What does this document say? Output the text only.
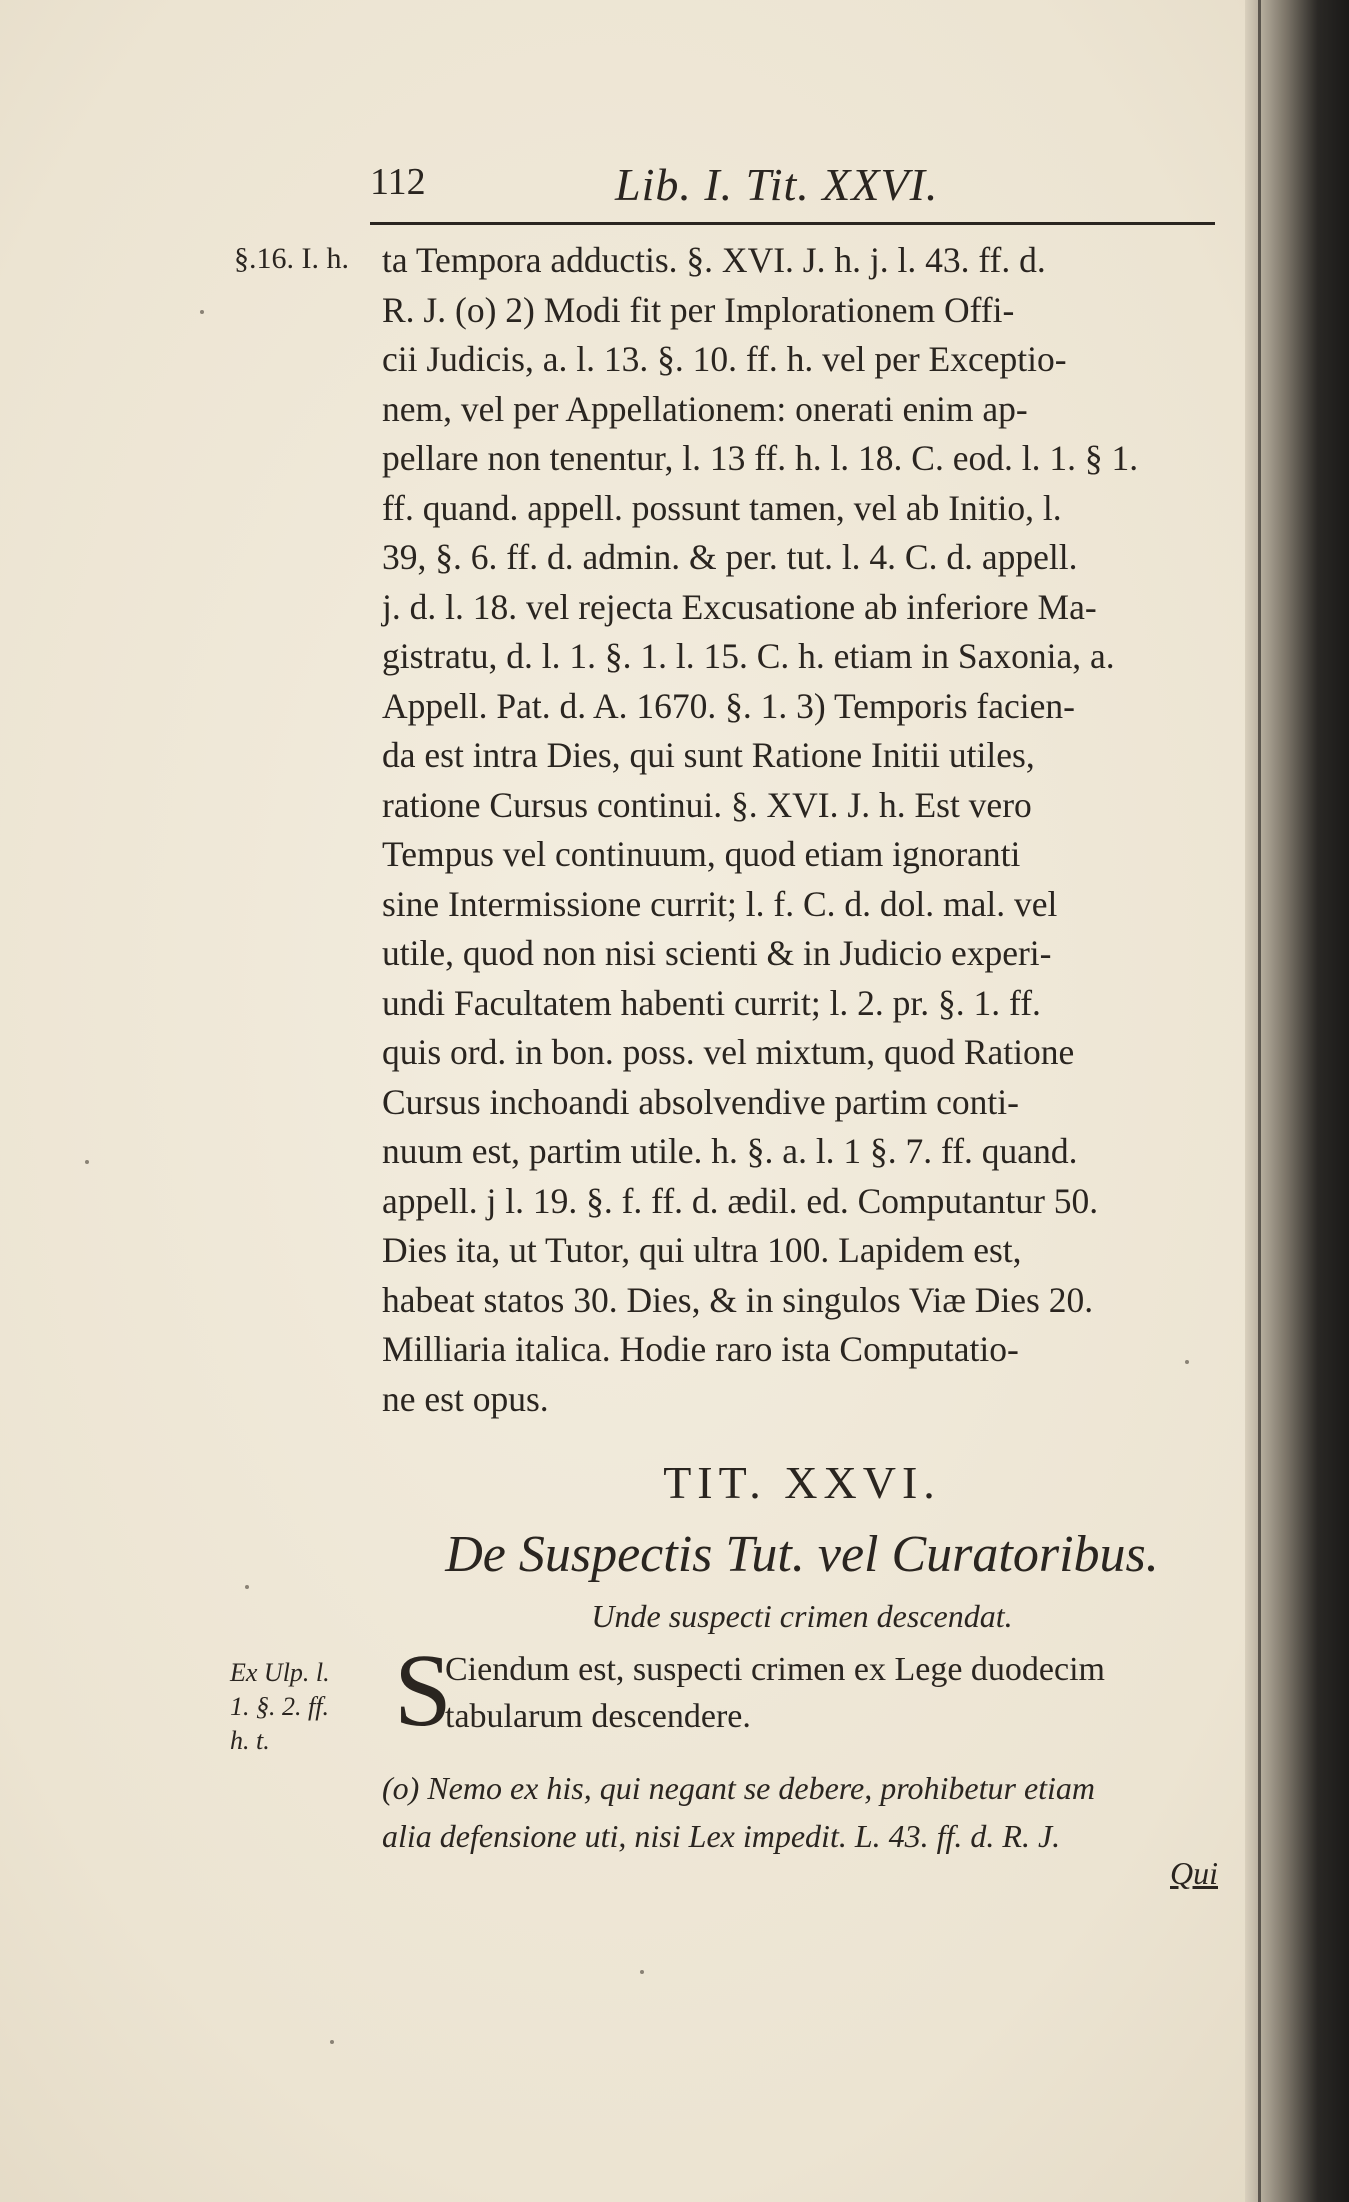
112	Lib. I. Tit. XXVI.
§.16. I. h. ta Tempora adductis. §. XVI. J. h. j. l. 43. ff. d.
R. J. (o) 2) Modi fit per Implorationem Offi-
cii Judicis, a. l. 13. §. 10. ff. h. vel per Exceptio-
nem, vel per Appellationem: onerati enim ap-
pellare non tenentur, l. 13 ff. h. l. 18. C. eod. l. 1. § 1.
ff. quand. appell. possunt tamen, vel ab Initio, l.
39, §. 6. ff. d. admin. & per. tut. l. 4. C. d. appell.
j. d. l. 18. vel rejecta Excusatione ab inferiore Ma-
gistratu, d. l. 1. §. 1. l. 15. C. h. etiam in Saxonia, a.
Appell. Pat. d. A. 1670. §. 1. 3) Temporis facien-
da est intra Dies, qui sunt Ratione Initii utiles,
ratione Cursus continui. §. XVI. J. h. Est vero
Tempus vel continuum, quod etiam ignoranti
sine Intermissione currit; l. f. C. d. dol. mal. vel
utile, quod non nisi scienti & in Judicio experi-
undi Facultatem habenti currit; l. 2. pr. §. 1. ff.
quis ord. in bon. poss. vel mixtum, quod Ratione
Cursus inchoandi absolvendive partim conti-
nuum est, partim utile. h. §. a. l. 1 §. 7. ff. quand.
appell. j l. 19. §. f. ff. d. ædil. ed. Computantur 50.
Dies ita, ut Tutor, qui ultra 100. Lapidem est,
habeat statos 30. Dies, & in singulos Viæ Dies 20.
Milliaria italica. Hodie raro ista Computatio-
ne est opus.
TIT. XXVI.
De Suspectis Tut. vel Curatoribus.
Unde suspecti crimen descendat.
Ex Ulp. l.
1. §. 2. ff.
h. t.	S
Ciendum est, suspecti crimen ex Lege duodecim
tabularum descendere.
(o) Nemo ex his, qui negant se debere, prohibetur etiam
alia defensione uti, nisi Lex impedit. L. 43. ff. d. R. J.
Qui
